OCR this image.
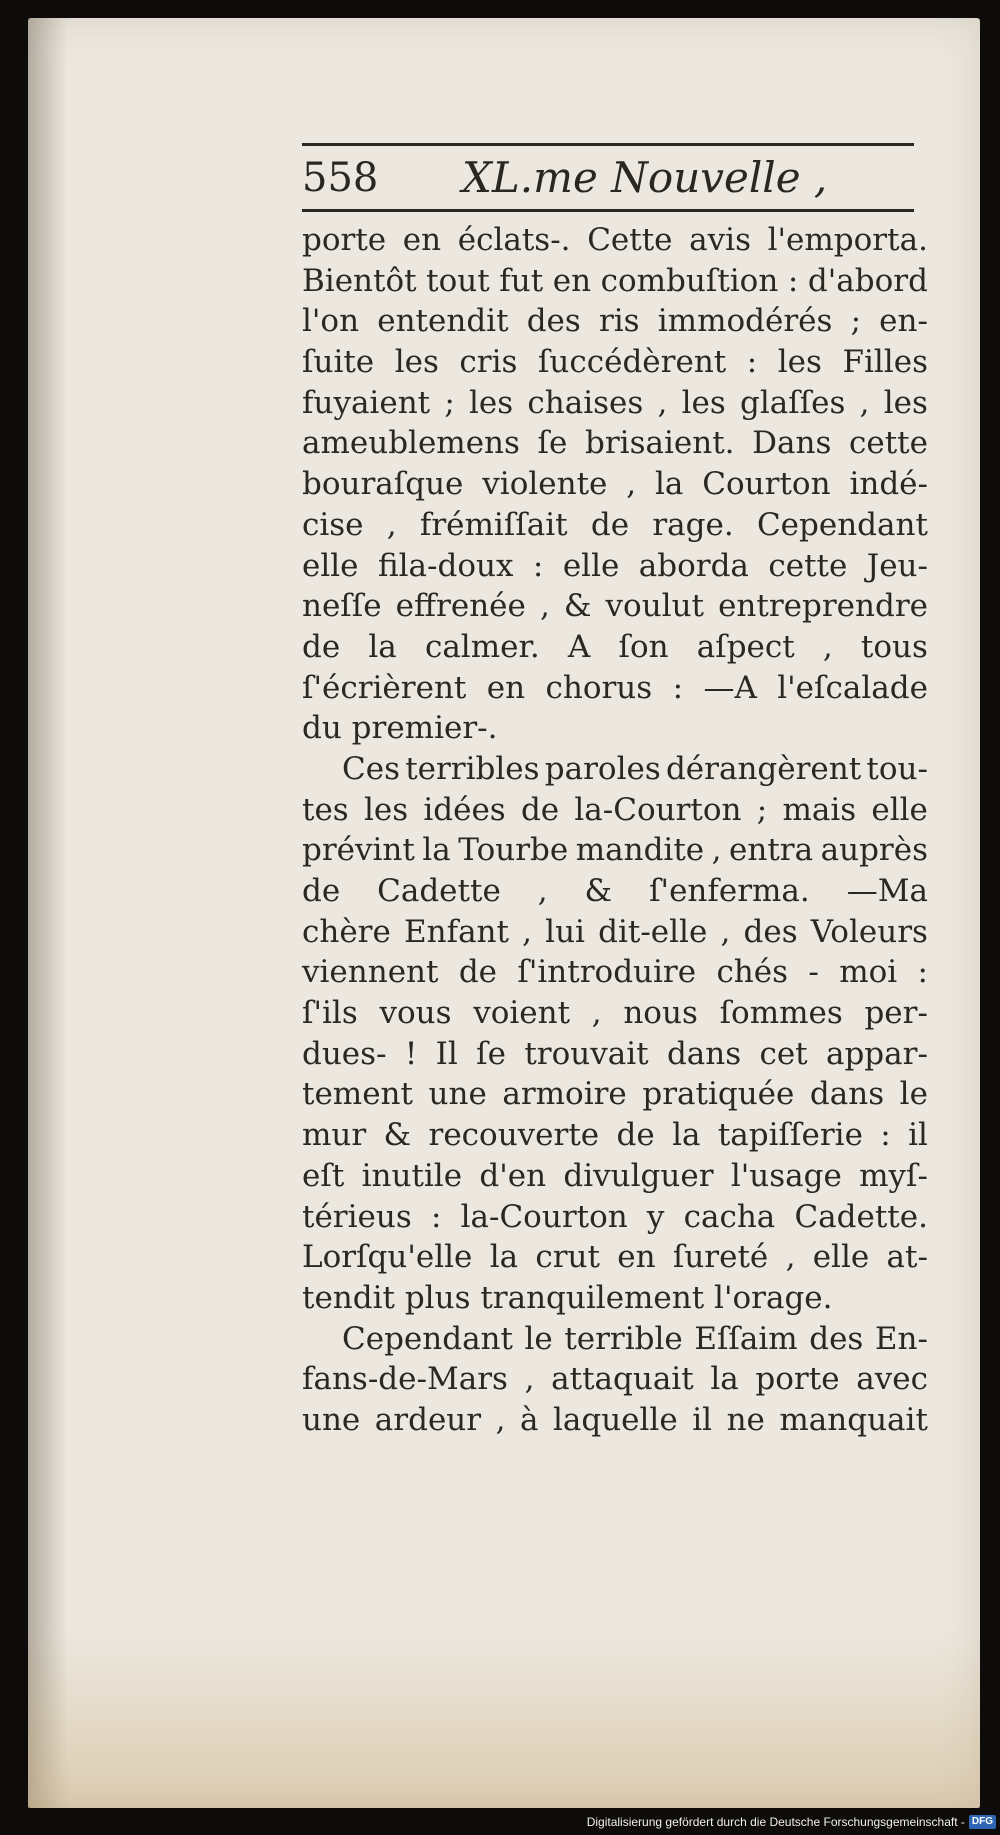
558 XL.me Nouvelle ,
porte en éclats-. Cette avis l'emporta.
Bientôt tout fut en combuſtion : d'abord
l'on entendit des ris immodérés ; en-
ſuite les cris ſuccédèrent : les Filles
fuyaient ; les chaises , les glaſſes , les
ameublemens ſe brisaient. Dans cette
bouraſque violente , la Courton indé-
cise , frémiſſait de rage. Cependant
elle fila-doux : elle aborda cette Jeu-
neſſe effrenée , & voulut entreprendre
de la calmer. A ſon aſpect , tous
ſ'écrièrent en chorus : —A l'eſcalade
du premier-.
Ces terribles paroles dérangèrent tou-
tes les idées de la-Courton ; mais elle
prévint la Tourbe mandite , entra auprès
de Cadette , & ſ'enferma. —Ma
chère Enfant , lui dit-elle , des Voleurs
viennent de ſ'introduire chés - moi :
ſ'ils vous voient , nous ſommes per-
dues- ! Il ſe trouvait dans cet appar-
tement une armoire pratiquée dans le
mur & recouverte de la tapiſſerie : il
eſt inutile d'en divulguer l'usage myſ-
térieus : la-Courton y cacha Cadette.
Lorſqu'elle la crut en ſureté , elle at-
tendit plus tranquilement l'orage.
Cependant le terrible Eſſaim des En-
fans-de-Mars , attaquait la porte avec
une ardeur , à laquelle il ne manquait
Digitalisierung gefördert durch die Deutsche Forschungsgemeinschaft - DFG
